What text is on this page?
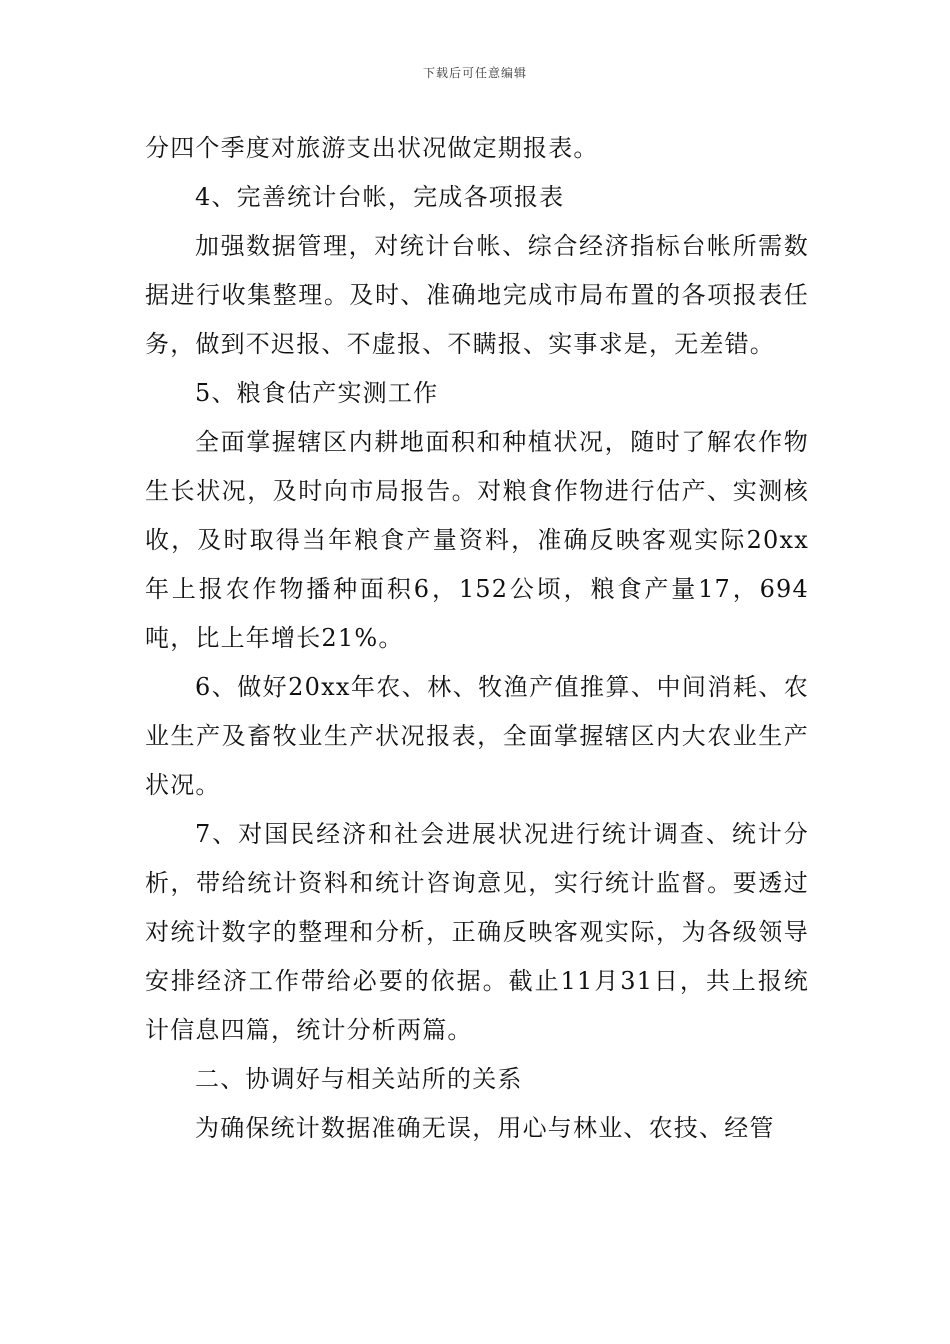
下载后可任意编辑

分四个季度对旅游支出状况做定期报表。

4、完善统计台帐，完成各项报表

加强数据管理，对统计台帐、综合经济指标台帐所需数据进行收集整理。及时、准确地完成市局布置的各项报表任务，做到不迟报、不虚报、不瞒报、实事求是，无差错。

5、粮食估产实测工作

全面掌握辖区内耕地面积和种植状况，随时了解农作物生长状况，及时向市局报告。对粮食作物进行估产、实测核收，及时取得当年粮食产量资料，准确反映客观实际20xx年上报农作物播种面积6，152公顷，粮食产量17，694吨，比上年增长21%。

6、做好20xx年农、林、牧渔产值推算、中间消耗、农业生产及畜牧业生产状况报表，全面掌握辖区内大农业生产状况。

7、对国民经济和社会进展状况进行统计调查、统计分析，带给统计资料和统计咨询意见，实行统计监督。要透过对统计数字的整理和分析，正确反映客观实际，为各级领导安排经济工作带给必要的依据。截止11月31日，共上报统计信息四篇，统计分析两篇。

二、协调好与相关站所的关系

为确保统计数据准确无误，用心与林业、农技、经管
